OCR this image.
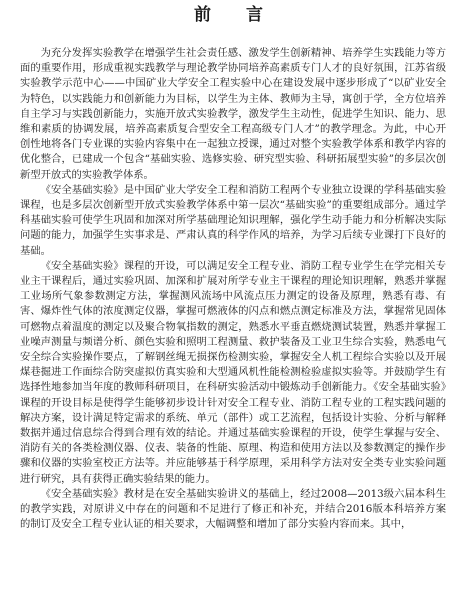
前　言

为充分发挥实验教学在增强学生社会责任感、激发学生创新精神、培养学生实践能力等方面的重要作用，形成重视实践教学与理论教学协同培养高素质专门人才的良好氛围，江苏省级实验教学示范中心——中国矿业大学安全工程实验中心在建设发展中逐步形成了“以矿业安全为特色，以实践能力和创新能力为目标，以学生为主体、教师为主导，寓创于学，全方位培养自主学习与实践创新能力，实施开放式实验教学，激发学生主动性，促进学生知识、能力、思维和素质的协调发展，培养高素质复合型安全工程高级专门人才”的教学理念。为此，中心开创性地将各门专业课的实验内容集中在一起独立授课，通过对整个实验教学体系和教学内容的优化整合，已建成一个包含“基础实验、选修实验、研究型实验、科研拓展型实验”的多层次创新型开放式的实验教学体系。

《安全基础实验》是中国矿业大学安全工程和消防工程两个专业独立设课的学科基础实验课程，也是多层次创新型开放式实验教学体系中第一层次“基础实验”的重要组成部分。通过学科基础实验可使学生巩固和加深对所学基础理论知识理解，强化学生动手能力和分析解决实际问题的能力，加强学生实事求是、严肃认真的科学作风的培养，为学习后续专业课打下良好的基础。

《安全基础实验》课程的开设，可以满足安全工程专业、消防工程专业学生在学完相关专业主干课程后，通过实验巩固、加深和扩展对所学专业主干课程的理论知识理解，熟悉并掌握工业场所气象参数测定方法，掌握测风流场中风流点压力测定的设备及原理，熟悉有毒、有害、爆炸性气体的浓度测定仪器，掌握可燃液体的闪点和燃点测定标准及方法，掌握常见固体可燃物点着温度的测定以及聚合物氧指数的测定，熟悉水平垂直燃烧测试装置，熟悉并掌握工业噪声测量与频谱分析、颜色实验和照明工程测量、救护装备及工业卫生综合实验，熟悉电气安全综合实验操作要点，了解钢丝绳无损探伤检测实验，掌握安全人机工程综合实验以及开展煤巷掘进工作面综合防突虚拟仿真实验和大型通风机性能检测检验虚拟实验等。并鼓励学生有选择性地参加当年度的教师科研项目，在科研实验活动中锻炼动手创新能力。《安全基础实验》课程的开设目标是使得学生能够初步设计针对安全工程专业、消防工程专业的工程实践问题的解决方案，设计满足特定需求的系统、单元（部件）或工艺流程，包括设计实验、分析与解释数据并通过信息综合得到合理有效的结论。并通过基础实验课程的开设，使学生掌握与安全、消防有关的各类检测仪器、仪表、装备的性能、原理、构造和使用方法以及参数测定的操作步骤和仪器的实验室校正方法等。并应能够基于科学原理，采用科学方法对安全类专业实验问题进行研究，具有获得正确实验结果的能力。

《安全基础实验》教材是在安全基础实验讲义的基础上，经过2008—2013级六届本科生的教学实践，对原讲义中存在的问题和不足进行了修正和补充，并结合2016版本科培养方案的制订及安全工程专业认证的相关要求，大幅调整和增加了部分实验内容而来。其中，
